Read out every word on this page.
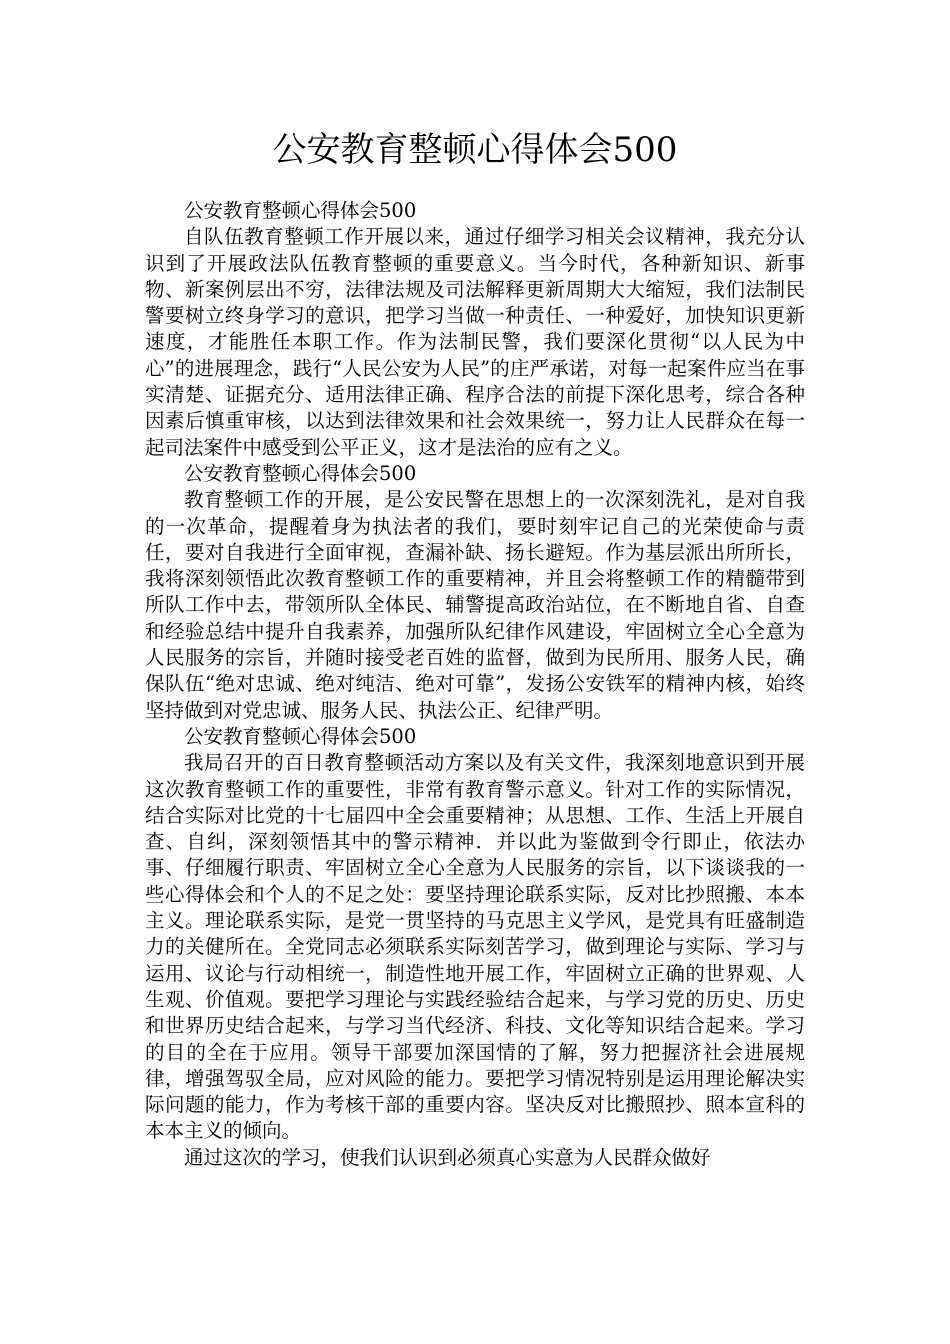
公安教育整顿心得体会500

公安教育整顿心得体会500

自队伍教育整顿工作开展以来，通过仔细学习相关会议精神，我充分认识到了开展政法队伍教育整顿的重要意义。当今时代，各种新知识、新事物、新案例层出不穷，法律法规及司法解释更新周期大大缩短，我们法制民警要树立终身学习的意识，把学习当做一种责任、一种爱好，加快知识更新速度，才能胜任本职工作。作为法制民警，我们要深化贯彻“以人民为中心”的进展理念，践行“人民公安为人民”的庄严承诺，对每一起案件应当在事实清楚、证据充分、适用法律正确、程序合法的前提下深化思考，综合各种因素后慎重审核，以达到法律效果和社会效果统一，努力让人民群众在每一起司法案件中感受到公平正义，这才是法治的应有之义。

公安教育整顿心得体会500

教育整顿工作的开展，是公安民警在思想上的一次深刻洗礼，是对自我的一次革命，提醒着身为执法者的我们，要时刻牢记自己的光荣使命与责任，要对自我进行全面审视，查漏补缺、扬长避短。作为基层派出所所长，我将深刻领悟此次教育整顿工作的重要精神，并且会将整顿工作的精髓带到所队工作中去，带领所队全体民、辅警提高政治站位，在不断地自省、自查和经验总结中提升自我素养，加强所队纪律作风建设，牢固树立全心全意为人民服务的宗旨，并随时接受老百姓的监督，做到为民所用、服务人民，确保队伍“绝对忠诚、绝对纯洁、绝对可靠”，发扬公安铁军的精神内核，始终坚持做到对党忠诚、服务人民、执法公正、纪律严明。

公安教育整顿心得体会500

我局召开的百日教育整顿活动方案以及有关文件，我深刻地意识到开展这次教育整顿工作的重要性，非常有教育警示意义。针对工作的实际情况，结合实际对比党的十七届四中全会重要精神；从思想、工作、生活上开展自查、自纠，深刻领悟其中的警示精神．并以此为鉴做到令行即止，依法办事、仔细履行职责、牢固树立全心全意为人民服务的宗旨，以下谈谈我的一些心得体会和个人的不足之处：要坚持理论联系实际，反对比抄照搬、本本主义。理论联系实际，是党一贯坚持的马克思主义学风，是党具有旺盛制造力的关健所在。全党同志必须联系实际刻苦学习，做到理论与实际、学习与运用、议论与行动相统一，制造性地开展工作，牢固树立正确的世界观、人生观、价值观。要把学习理论与实践经验结合起来，与学习党的历史、历史和世界历史结合起来，与学习当代经济、科技、文化等知识结合起来。学习的目的全在于应用。领导干部要加深国情的了解，努力把握济社会进展规律，增强驾驭全局，应对风险的能力。要把学习情况特别是运用理论解决实际问题的能力，作为考核干部的重要内容。坚决反对比搬照抄、照本宣科的本本主义的倾向。

通过这次的学习，使我们认识到必须真心实意为人民群众做好
